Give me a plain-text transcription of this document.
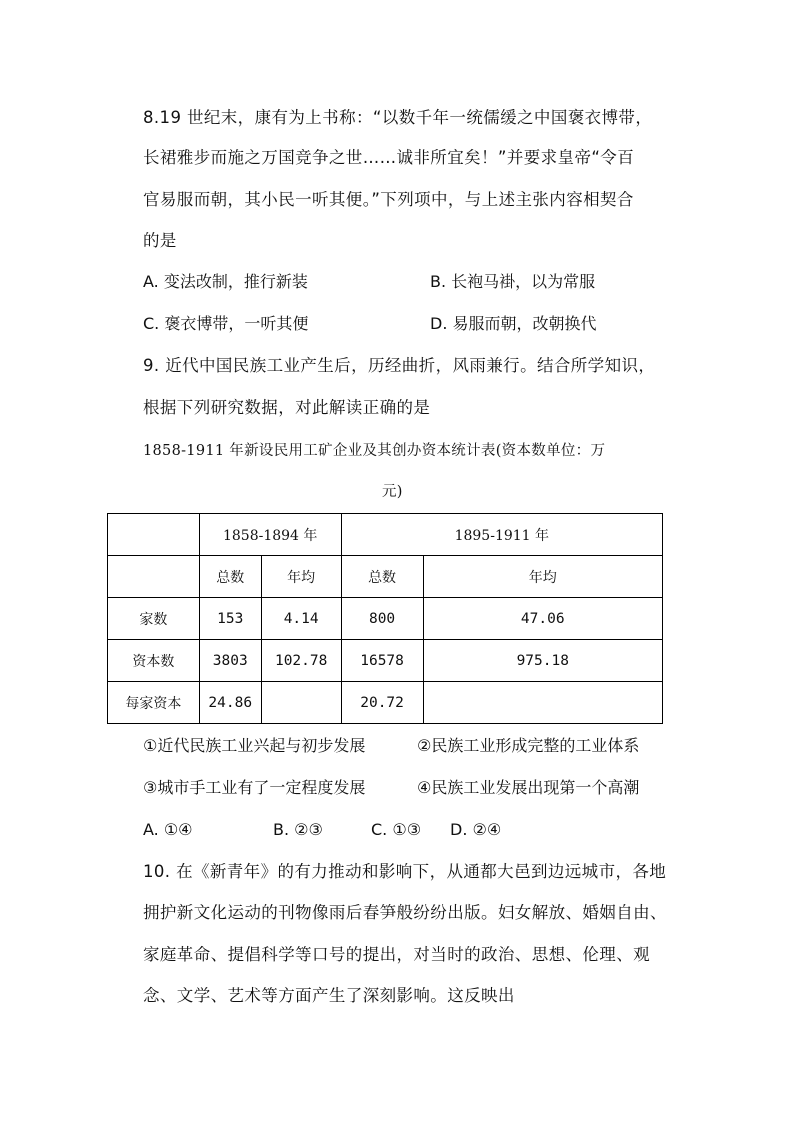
8.19 世纪末，康有为上书称：“以数千年一统儒缓之中国褒衣博带，
长裙雅步而施之万国竞争之世……诚非所宜矣！”并要求皇帝“令百
官易服而朝，其小民一听其便。”下列项中，与上述主张内容相契合
的是
A. 变法改制，推行新装	B. 长袍马褂，以为常服
C. 褒衣博带，一听其便	D. 易服而朝，改朝换代
9. 近代中国民族工业产生后，历经曲折，风雨兼行。结合所学知识，
根据下列研究数据，对此解读正确的是
1858-1911 年新设民用工矿企业及其创办资本统计表(资本数单位：万
元)
	1858-1894 年		1895-1911 年	
	总数	年均	总数	年均
家数	153	4.14	800	47.06
资本数	3803	102.78	16578	975.18
每家资本	24.86		20.72	
①近代民族工业兴起与初步发展	②民族工业形成完整的工业体系
③城市手工业有了一定程度发展	④民族工业发展出现第一个高潮
A. ①④	B. ②③	C. ①③ D. ②④
10. 在《新青年》的有力推动和影响下，从通都大邑到边远城市，各地
拥护新文化运动的刊物像雨后春笋般纷纷出版。妇女解放、婚姻自由、
家庭革命、提倡科学等口号的提出，对当时的政治、思想、伦理、观
念、文学、艺术等方面产生了深刻影响。这反映出
